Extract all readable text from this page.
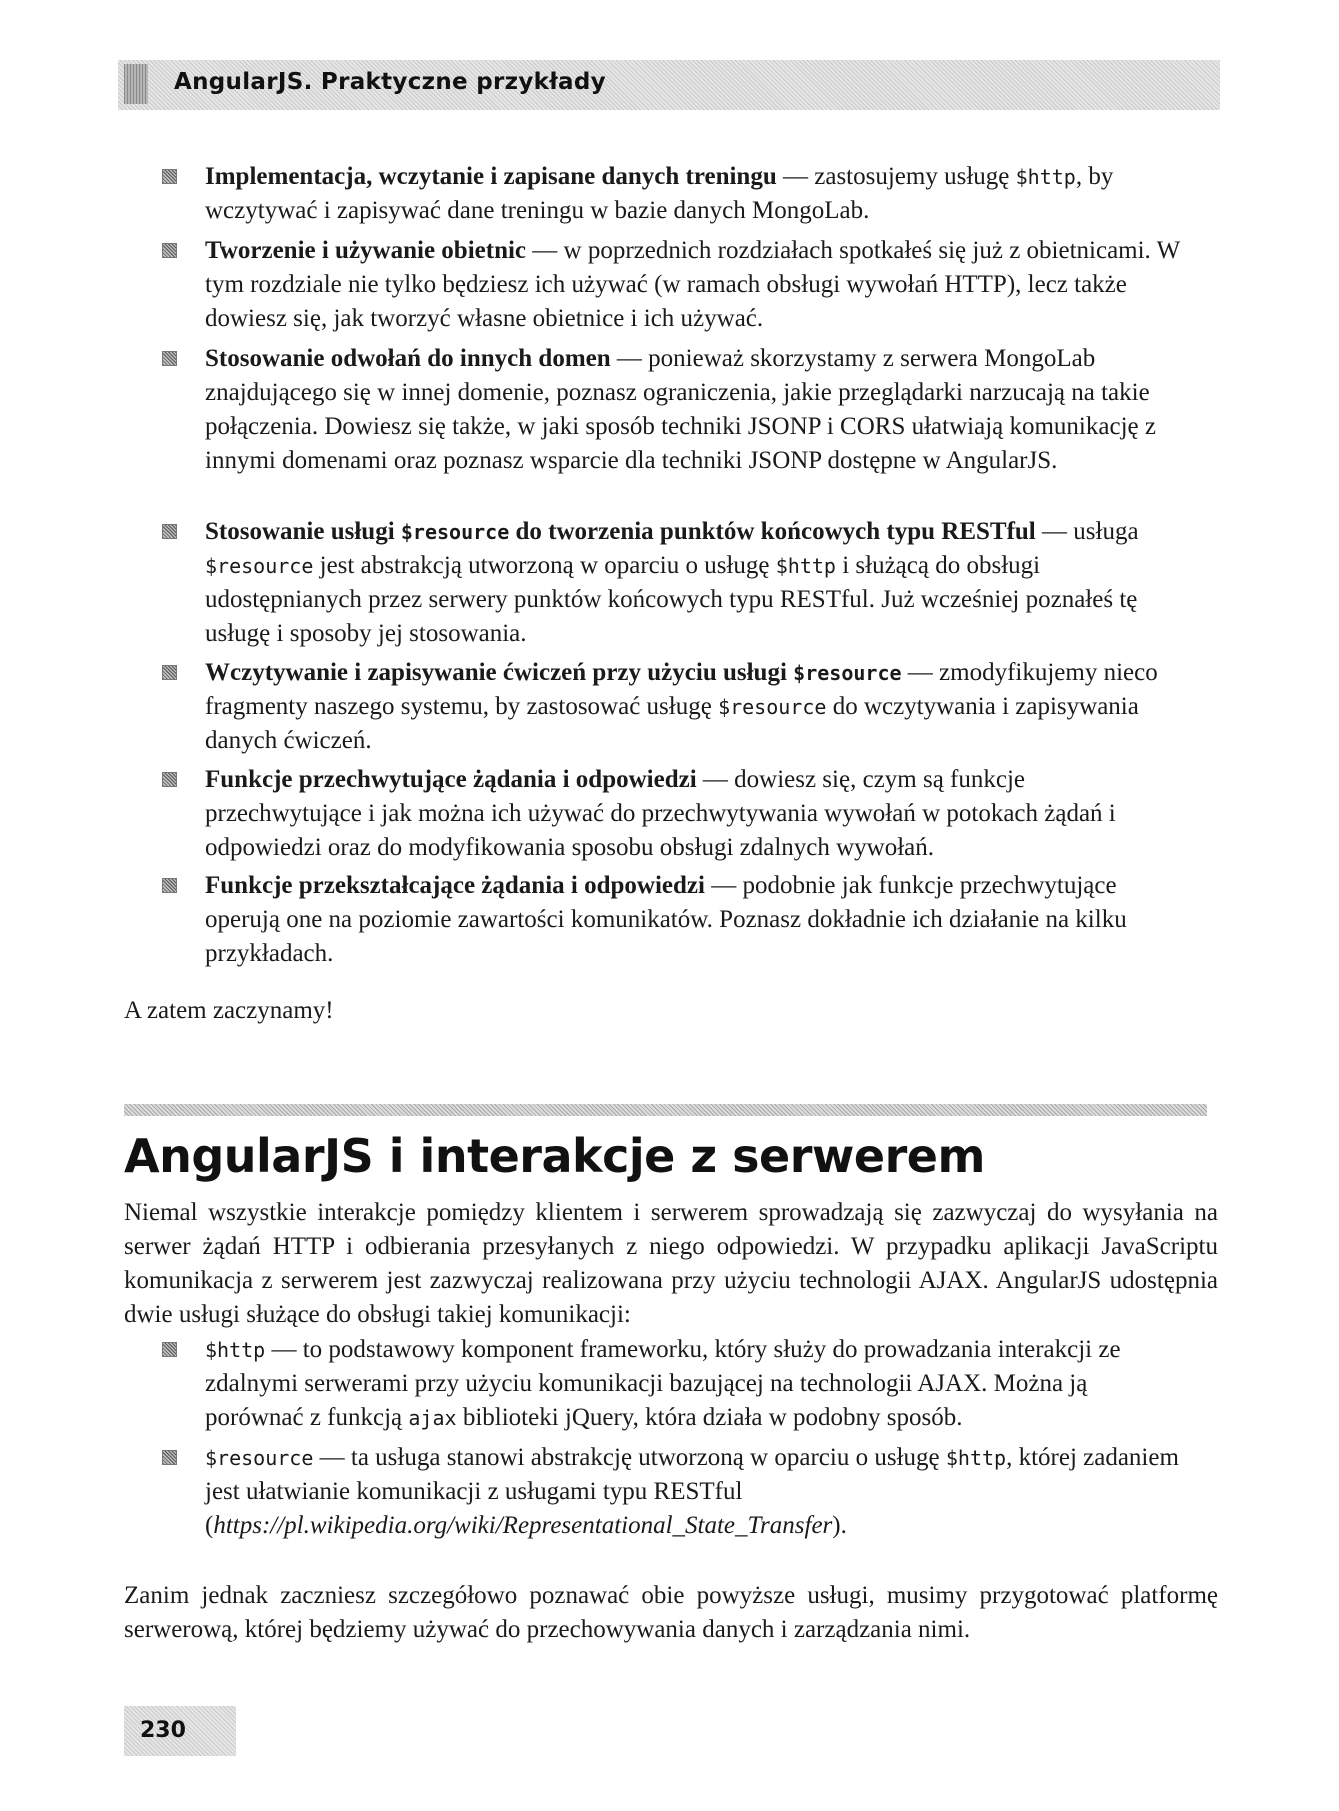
AngularJS. Praktyczne przykłady
Implementacja, wczytanie i zapisane danych treningu — zastosujemy usługę $http, by wczytywać i zapisywać dane treningu w bazie danych MongoLab.
Tworzenie i używanie obietnic — w poprzednich rozdziałach spotkałeś się już z obietnicami. W tym rozdziale nie tylko będziesz ich używać (w ramach obsługi wywołań HTTP), lecz także dowiesz się, jak tworzyć własne obietnice i ich używać.
Stosowanie odwołań do innych domen — ponieważ skorzystamy z serwera MongoLab znajdującego się w innej domenie, poznasz ograniczenia, jakie przeglądarki narzucają na takie połączenia. Dowiesz się także, w jaki sposób techniki JSONP i CORS ułatwiają komunikację z innymi domenami oraz poznasz wsparcie dla techniki JSONP dostępne w AngularJS.
Stosowanie usługi $resource do tworzenia punktów końcowych typu RESTful — usługa $resource jest abstrakcją utworzoną w oparciu o usługę $http i służącą do obsługi udostępnianych przez serwery punktów końcowych typu RESTful. Już wcześniej poznałeś tę usługę i sposoby jej stosowania.
Wczytywanie i zapisywanie ćwiczeń przy użyciu usługi $resource — zmodyfikujemy nieco fragmenty naszego systemu, by zastosować usługę $resource do wczytywania i zapisywania danych ćwiczeń.
Funkcje przechwytujące żądania i odpowiedzi — dowiesz się, czym są funkcje przechwytujące i jak można ich używać do przechwytywania wywołań w potokach żądań i odpowiedzi oraz do modyfikowania sposobu obsługi zdalnych wywołań.
Funkcje przekształcające żądania i odpowiedzi — podobnie jak funkcje przechwytujące operują one na poziomie zawartości komunikatów. Poznasz dokładnie ich działanie na kilku przykładach.
A zatem zaczynamy!
AngularJS i interakcje z serwerem
Niemal wszystkie interakcje pomiędzy klientem i serwerem sprowadzają się zazwyczaj do wysyłania na serwer żądań HTTP i odbierania przesyłanych z niego odpowiedzi. W przypadku aplikacji JavaScriptu komunikacja z serwerem jest zazwyczaj realizowana przy użyciu technologii AJAX. AngularJS udostępnia dwie usługi służące do obsługi takiej komunikacji:
$http — to podstawowy komponent frameworku, który służy do prowadzania interakcji ze zdalnymi serwerami przy użyciu komunikacji bazującej na technologii AJAX. Można ją porównać z funkcją ajax biblioteki jQuery, która działa w podobny sposób.
$resource — ta usługa stanowi abstrakcję utworzoną w oparciu o usługę $http, której zadaniem jest ułatwianie komunikacji z usługami typu RESTful (https://pl.wikipedia.org/wiki/Representational_State_Transfer).
Zanim jednak zaczniesz szczegółowo poznawać obie powyższe usługi, musimy przygotować platformę serwerową, której będziemy używać do przechowywania danych i zarządzania nimi.
230
